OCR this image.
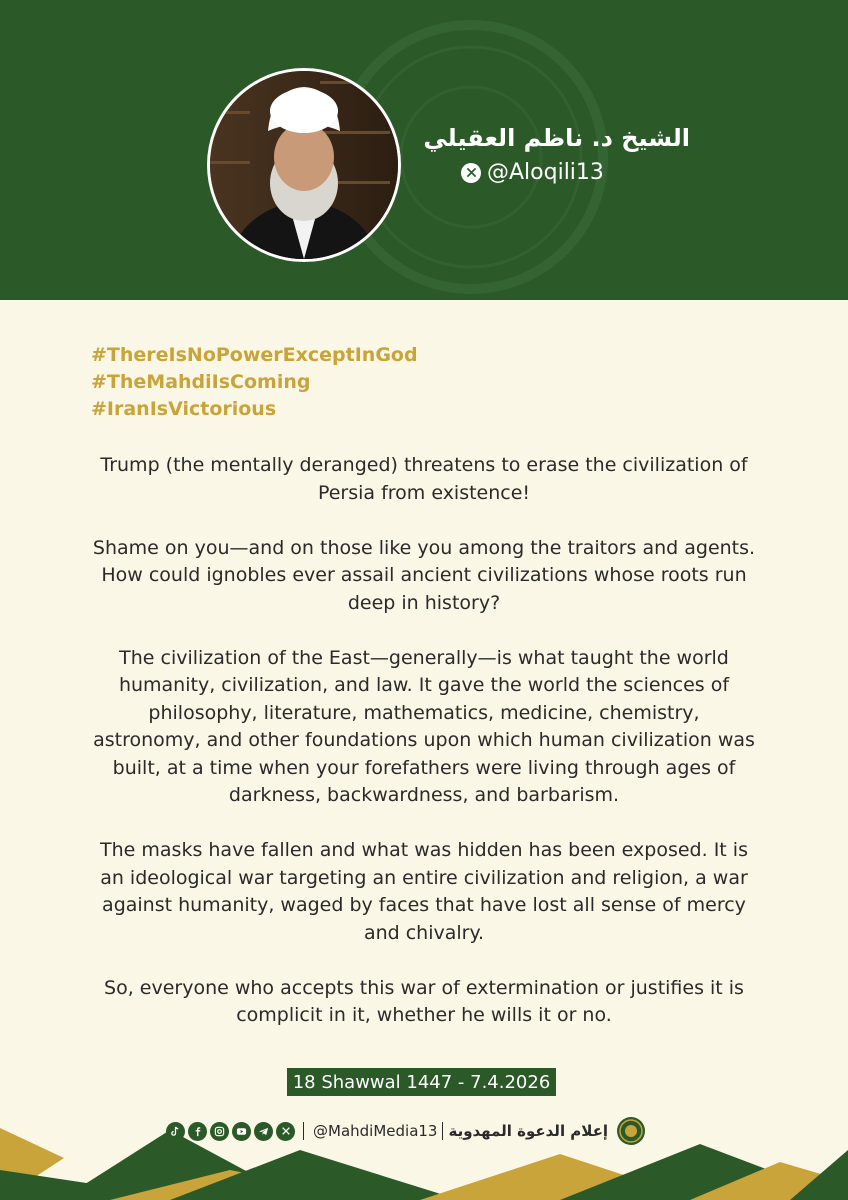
الشيخ د. ناظم العقيلي
@Aloqili13
#ThereIsNoPowerExceptInGod
#TheMahdiIsComing
#IranIsVictorious

Trump (the mentally deranged) threatens to erase the civilization of Persia from existence!

Shame on you—and on those like you among the traitors and agents. How could ignobles ever assail ancient civilizations whose roots run deep in history?

The civilization of the East—generally—is what taught the world humanity, civilization, and law. It gave the world the sciences of philosophy, literature, mathematics, medicine, chemistry, astronomy, and other foundations upon which human civilization was built, at a time when your forefathers were living through ages of darkness, backwardness, and barbarism.

The masks have fallen and what was hidden has been exposed. It is an ideological war targeting an entire civilization and religion, a war against humanity, waged by faces that have lost all sense of mercy and chivalry.

So, everyone who accepts this war of extermination or justifies it is complicit in it, whether he wills it or no.

18 Shawwal 1447 - 7.4.2026
@MahdiMedia13 إعلام الدعوة المهدوية
